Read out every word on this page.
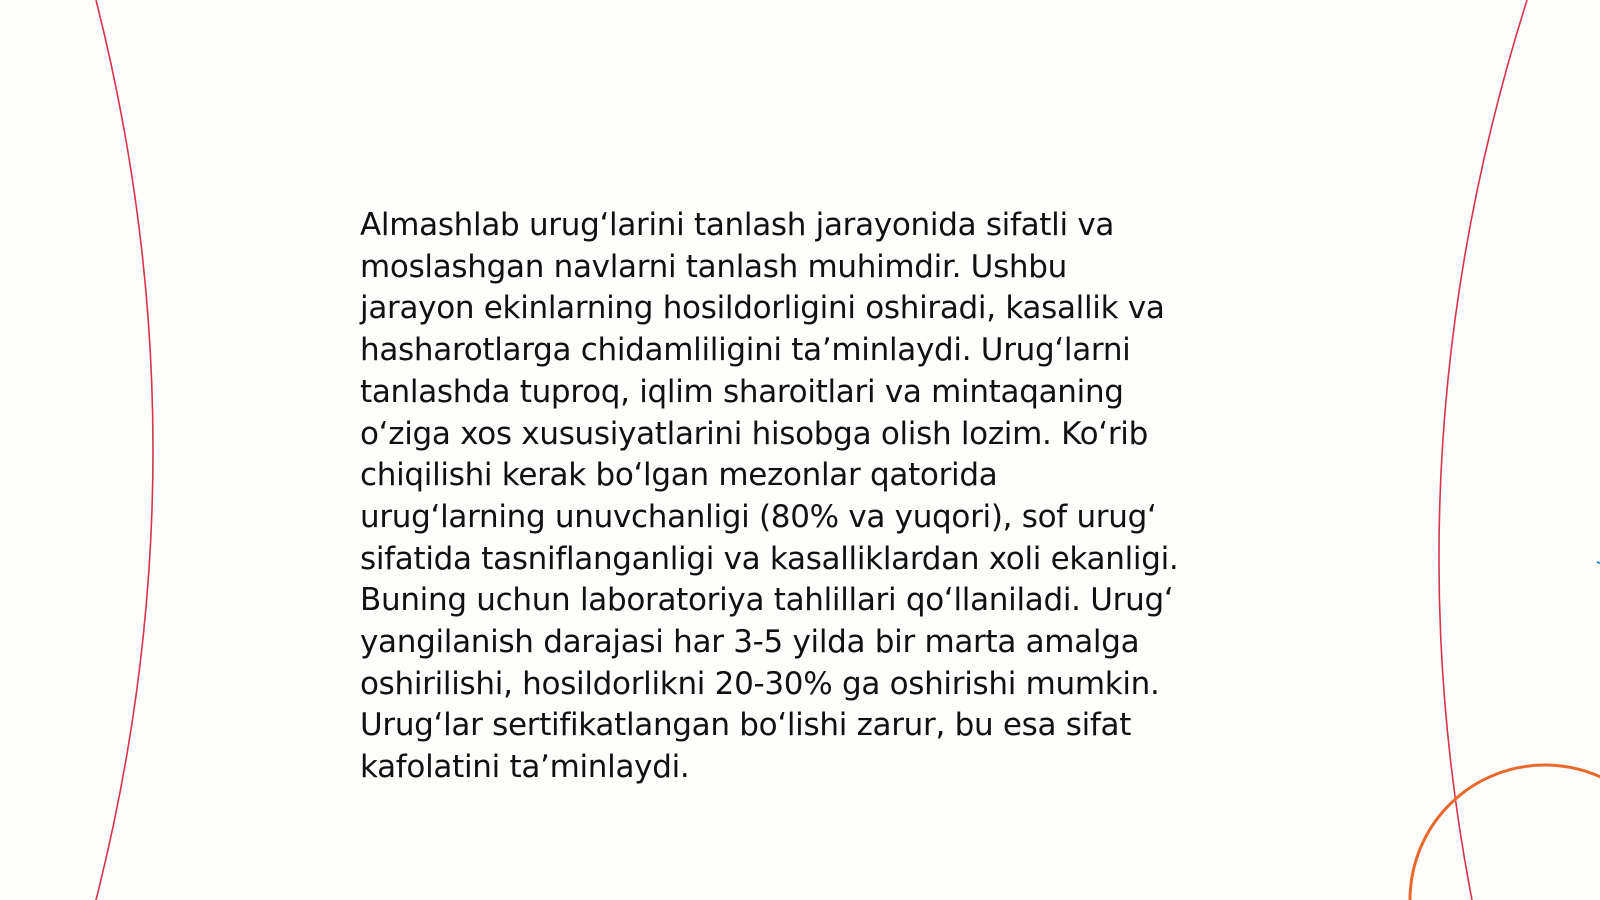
Almashlab urugʻlarini tanlash jarayonida sifatli va
moslashgan navlarni tanlash muhimdir. Ushbu
jarayon ekinlarning hosildorligini oshiradi, kasallik va
hasharotlarga chidamliligini taʼminlaydi. Urugʻlarni
tanlashda tuproq, iqlim sharoitlari va mintaqaning
oʻziga xos xususiyatlarini hisobga olish lozim. Koʻrib
chiqilishi kerak boʻlgan mezonlar qatorida
urugʻlarning unuvchanligi (80% va yuqori), sof urugʻ
sifatida tasniflanganligi va kasalliklardan xoli ekanligi.
Buning uchun laboratoriya tahlillari qoʻllaniladi. Urugʻ
yangilanish darajasi har 3-5 yilda bir marta amalga
oshirilishi, hosildorlikni 20-30% ga oshirishi mumkin.
Urugʻlar sertifikatlangan boʻlishi zarur, bu esa sifat
kafolatini taʼminlaydi.
